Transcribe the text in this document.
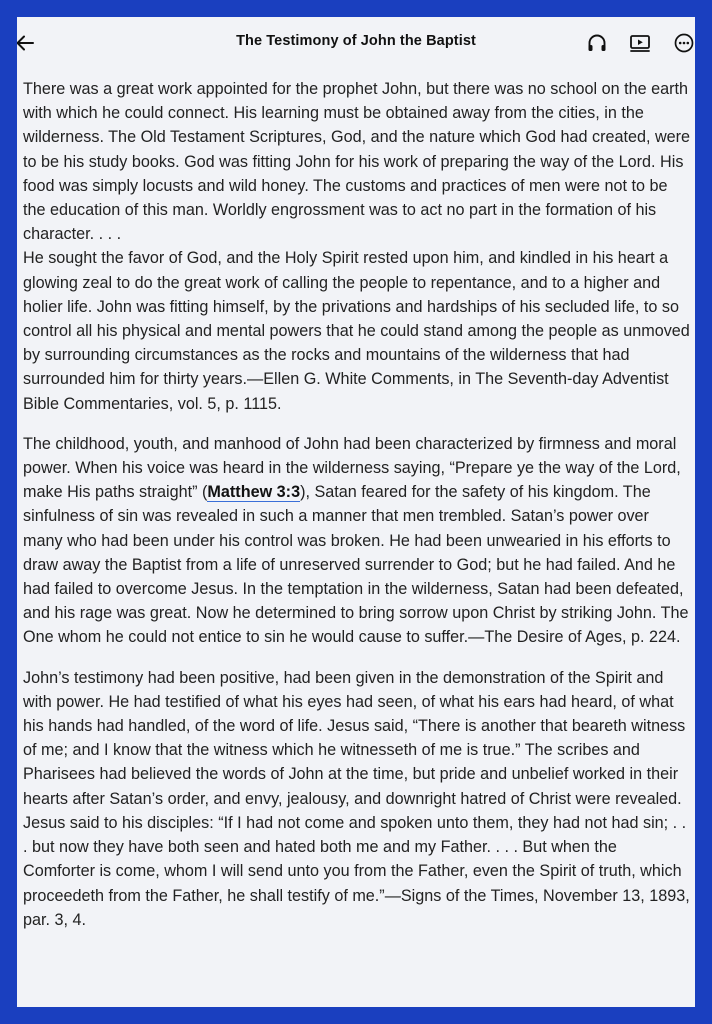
The Testimony of John the Baptist

There was a great work appointed for the prophet John, but there was no school on the earth with which he could connect. His learning must be obtained away from the cities, in the wilderness. The Old Testament Scriptures, God, and the nature which God had created, were to be his study books. God was fitting John for his work of preparing the way of the Lord. His food was simply locusts and wild honey. The customs and practices of men were not to be the education of this man. Worldly engrossment was to act no part in the formation of his character. . . .

He sought the favor of God, and the Holy Spirit rested upon him, and kindled in his heart a glowing zeal to do the great work of calling the people to repentance, and to a higher and holier life. John was fitting himself, by the privations and hardships of his secluded life, to so control all his physical and mental powers that he could stand among the people as unmoved by surrounding circumstances as the rocks and mountains of the wilderness that had surrounded him for thirty years.—Ellen G. White Comments, in The Seventh-day Adventist Bible Commentaries, vol. 5, p. 1115.

The childhood, youth, and manhood of John had been characterized by firmness and moral power. When his voice was heard in the wilderness saying, “Prepare ye the way of the Lord, make His paths straight” (Matthew 3:3), Satan feared for the safety of his kingdom. The sinfulness of sin was revealed in such a manner that men trembled. Satan’s power over many who had been under his control was broken. He had been unwearied in his efforts to draw away the Baptist from a life of unreserved surrender to God; but he had failed. And he had failed to overcome Jesus. In the temptation in the wilderness, Satan had been defeated, and his rage was great. Now he determined to bring sorrow upon Christ by striking John. The One whom he could not entice to sin he would cause to suffer.—The Desire of Ages, p. 224.

John’s testimony had been positive, had been given in the demonstration of the Spirit and with power. He had testified of what his eyes had seen, of what his ears had heard, of what his hands had handled, of the word of life. Jesus said, “There is another that beareth witness of me; and I know that the witness which he witnesseth of me is true.” The scribes and Pharisees had believed the words of John at the time, but pride and unbelief worked in their hearts after Satan’s order, and envy, jealousy, and downright hatred of Christ were revealed.

Jesus said to his disciples: “If I had not come and spoken unto them, they had not had sin; . . . but now they have both seen and hated both me and my Father. . . . But when the Comforter is come, whom I will send unto you from the Father, even the Spirit of truth, which proceedeth from the Father, he shall testify of me.”—Signs of the Times, November 13, 1893, par. 3, 4.
